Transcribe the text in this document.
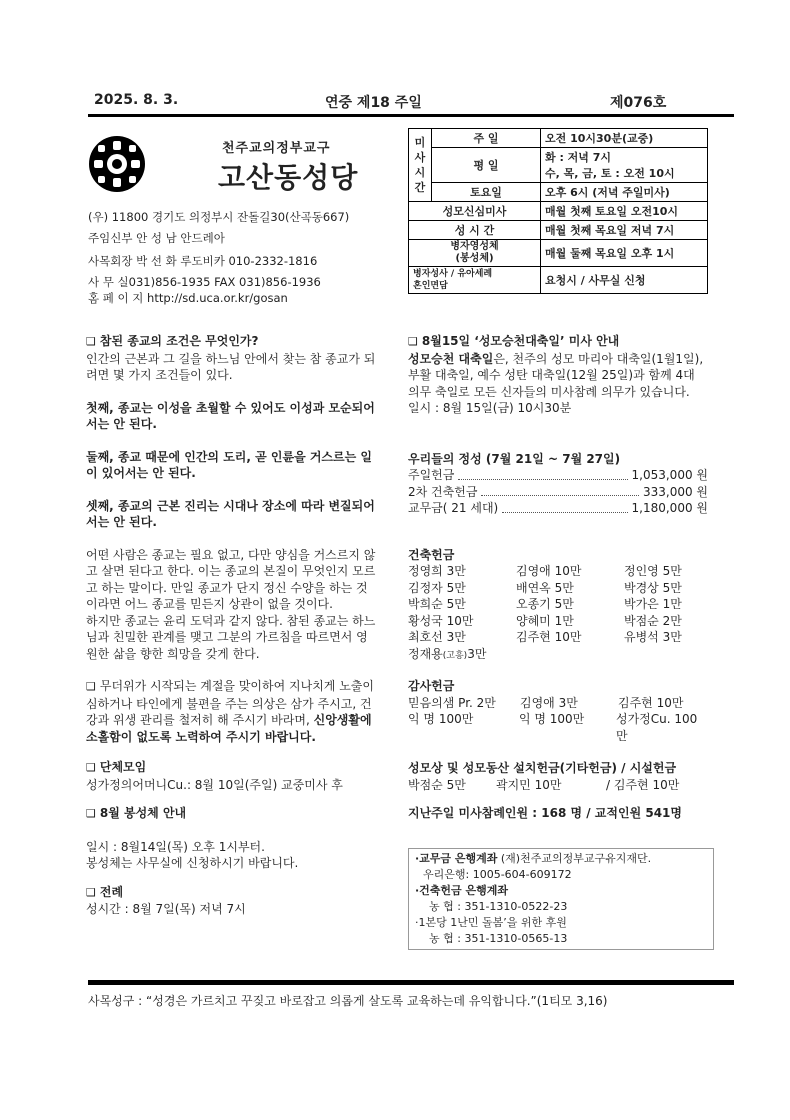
2025. 8. 3.	연중 제18 주일	제076호
천주교의정부교구
고산동성당
(우) 11800 경기도 의정부시 잔돌길30(산곡동667)
주임신부 안 성 남 안드레아
사목회장 박 선 화 루도비카 010-2332-1816
사 무 실031)856-1935 FAX 031)856-1936
홈 페 이 지 http://sd.uca.or.kr/gosan
미
사
시
간	주 일	오전 10시30분(교중)
	평 일	화 : 저녁 7시
수, 목, 금, 토 : 오전 10시
	토요일	오후 6시 (저녁 주일미사)
성모신심미사		매월 첫째 토요일 오전10시
성 시 간		매월 첫째 목요일 저녁 7시
병자영성체
(봉성체)		매월 둘째 목요일 오후 1시
병자성사 / 유아세례
혼인면담		요청시 / 사무실 신청
❑ 참된 종교의 조건은 무엇인가?
인간의 근본과 그 길을 하느님 안에서 찾는 참 종교가 되려면 몇 가지 조건들이 있다.
첫째, 종교는 이성을 초월할 수 있어도 이성과 모순되어서는 안 된다.
둘째, 종교 때문에 인간의 도리, 곧 인륜을 거스르는 일이 있어서는 안 된다.
셋째, 종교의 근본 진리는 시대나 장소에 따라 변질되어서는 안 된다.
어떤 사람은 종교는 필요 없고, 다만 양심을 거스르지 않고 살면 된다고 한다. 이는 종교의 본질이 무엇인지 모르고 하는 말이다. 만일 종교가 단지 정신 수양을 하는 것이라면 어느 종교를 믿든지 상관이 없을 것이다.
하지만 종교는 윤리 도덕과 같지 않다. 참된 종교는 하느님과 친밀한 관계를 맺고 그분의 가르침을 따르면서 영원한 삶을 향한 희망을 갖게 한다.
❑ 무더위가 시작되는 계절을 맞이하여 지나치게 노출이 심하거나 타인에게 불편을 주는 의상은 삼가 주시고, 건강과 위생 관리를 철저히 해 주시기 바라며, 신앙생활에 소홀함이 없도록 노력하여 주시기 바랍니다.
❑ 단체모임
성가정의어머니Cu.: 8월 10일(주일) 교중미사 후
❑ 8월 봉성체 안내
일시 : 8월14일(목) 오후 1시부터.
봉성체는 사무실에 신청하시기 바랍니다.
❑ 전례
성시간 : 8월 7일(목) 저녁 7시
❑ 8월15일 ‘성모승천대축일’ 미사 안내
성모승천 대축일은, 천주의 성모 마리아 대축일(1월1일), 부활 대축일, 예수 성탄 대축일(12월 25일)과 함께 4대 의무 축일로 모든 신자들의 미사참례 의무가 있습니다.
일시 : 8월 15일(금) 10시30분
우리들의 정성 (7월 21일 ~ 7월 27일)
주일헌금	1,053,000 원
2차 건축헌금	333,000 원
교무금( 21 세대)	1,180,000 원
건축헌금
정영희 3만	김영애 10만	정인영 5만
김정자 5만	배연옥 5만	박경상 5만
박희순 5만	오종기 5만	박가은 1만
황성국 10만	양혜미 1만	박점순 2만
최호선 3만	김주현 10만	유병석 3만
정재용(고흥)3만
감사헌금
믿음의샘 Pr. 2만	김영애 3만	김주현 10만
익 명 100만	익 명 100만	성가정Cu. 100만
성모상 및 성모동산 설치헌금(기타헌금) / 시설헌금
박점순 5만	곽지민 10만	/ 김주현 10만
지난주일 미사참례인원 : 168 명 / 교적인원 541명
·교무금 은행계좌 (재)천주교의정부교구유지재단.
우리은행: 1005-604-609172
·건축헌금 은행계좌
농 협 : 351-1310-0522-23
·1본당 1난민 돌봄’을 위한 후원
농 협 : 351-1310-0565-13
사목성구 : “성경은 가르치고 꾸짖고 바로잡고 의롭게 살도록 교육하는데 유익합니다.”(1티모 3,16)
